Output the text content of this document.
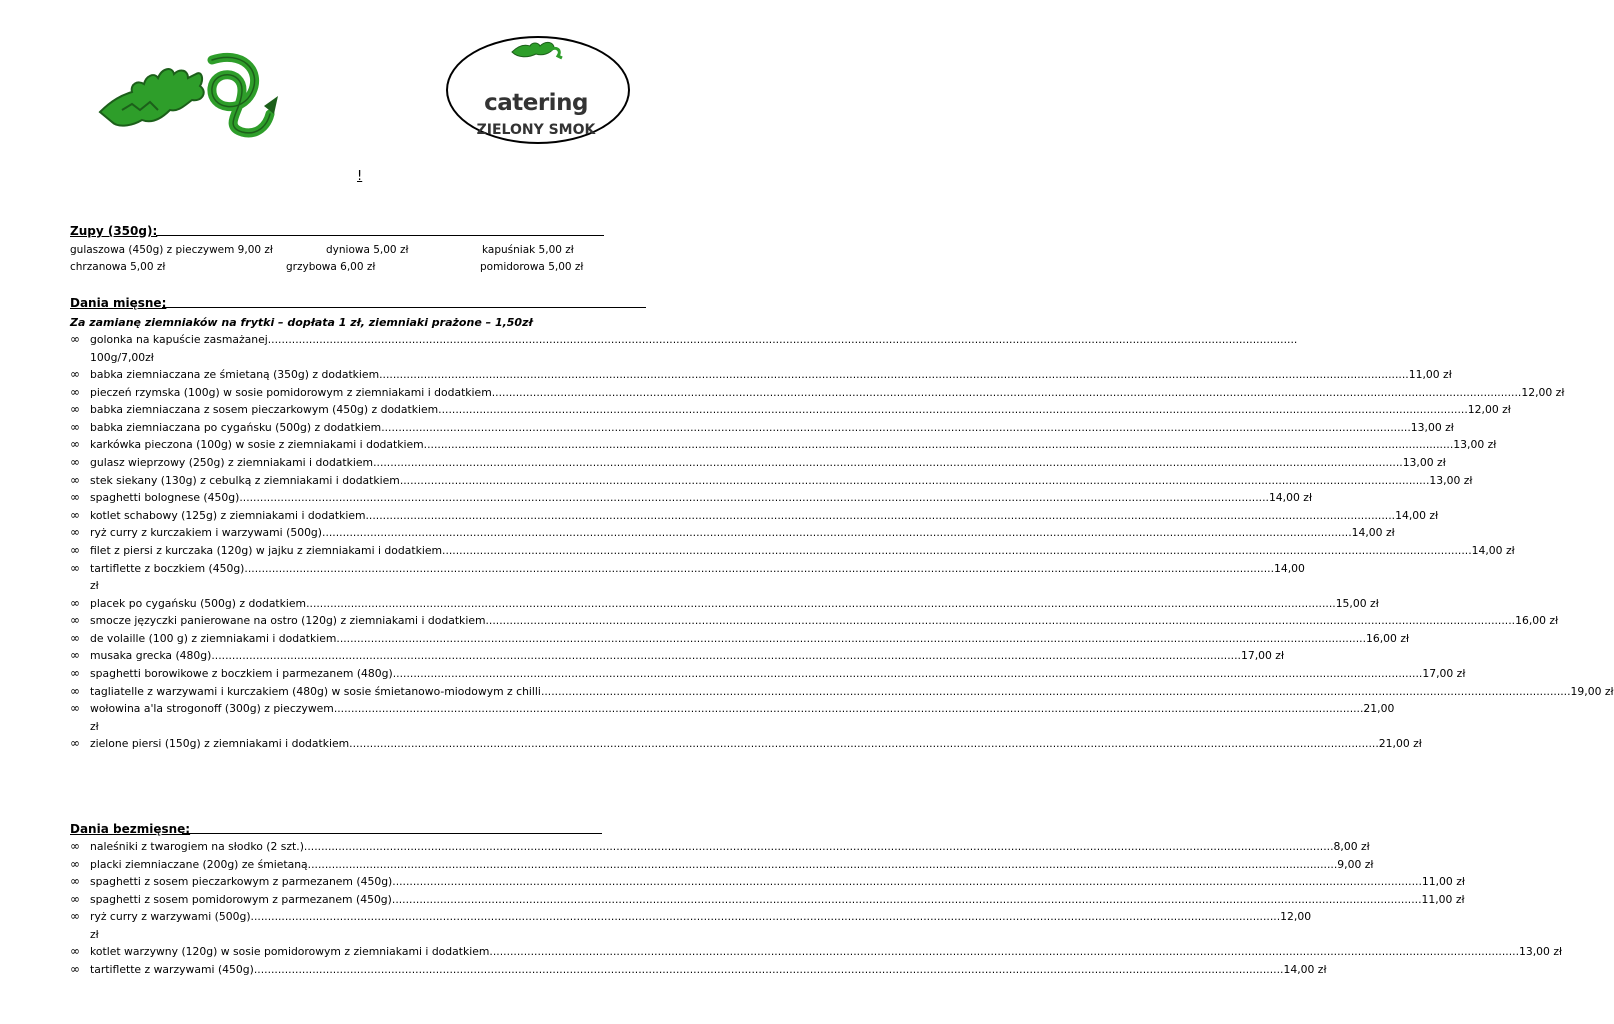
catering
ZIELONY SMOK
!
Zupy (350g):
gulaszowa (450g) z pieczywem 9,00 zł	dyniowa 5,00 zł	kapuśniak 5,00 zł
chrzanowa 5,00 zł	grzybowa 6,00 zł	pomidorowa 5,00 zł
Dania mięsne:
Za zamianę ziemniaków na frytki – dopłata 1 zł, ziemniaki prażone – 1,50zł
∞ golonka na kapuście zasmażanej ............................................................................................................................................................................................................................................................................................................
100g/7,00zł
∞ babka ziemniaczana ze śmietaną (350g) z dodatkiem ............................................................................................................................................................................................................................................................................................................ 11,00 zł
∞ pieczeń rzymska (100g) w sosie pomidorowym z ziemniakami i dodatkiem ............................................................................................................................................................................................................................................................................................................ 12,00 zł
∞ babka ziemniaczana z sosem pieczarkowym (450g) z dodatkiem ............................................................................................................................................................................................................................................................................................................ 12,00 zł
∞ babka ziemniaczana po cygańsku (500g) z dodatkiem ............................................................................................................................................................................................................................................................................................................ 13,00 zł
∞ karkówka pieczona (100g) w sosie z ziemniakami i dodatkiem ............................................................................................................................................................................................................................................................................................................ 13,00 zł
∞ gulasz wieprzowy (250g) z ziemniakami i dodatkiem ............................................................................................................................................................................................................................................................................................................ 13,00 zł
∞ stek siekany (130g) z cebulką z ziemniakami i dodatkiem ............................................................................................................................................................................................................................................................................................................ 13,00 zł
∞ spaghetti bolognese (450g) ............................................................................................................................................................................................................................................................................................................ 14,00 zł
∞ kotlet schabowy (125g) z ziemniakami i dodatkiem ............................................................................................................................................................................................................................................................................................................ 14,00 zł
∞ ryż curry z kurczakiem i warzywami (500g) ............................................................................................................................................................................................................................................................................................................ 14,00 zł
∞ filet z piersi z kurczaka (120g) w jajku z ziemniakami i dodatkiem ............................................................................................................................................................................................................................................................................................................ 14,00 zł
∞ tartiflette z boczkiem (450g) ............................................................................................................................................................................................................................................................................................................ 14,00
zł
∞ placek po cygańsku (500g) z dodatkiem ............................................................................................................................................................................................................................................................................................................ 15,00 zł
∞ smocze języczki panierowane na ostro (120g) z ziemniakami i dodatkiem ............................................................................................................................................................................................................................................................................................................ 16,00 zł
∞ de volaille (100 g) z ziemniakami i dodatkiem ............................................................................................................................................................................................................................................................................................................ 16,00 zł
∞ musaka grecka (480g) ............................................................................................................................................................................................................................................................................................................ 17,00 zł
∞ spaghetti borowikowe z boczkiem i parmezanem (480g) ............................................................................................................................................................................................................................................................................................................ 17,00 zł
∞ tagliatelle z warzywami i kurczakiem (480g) w sosie śmietanowo-miodowym z chilli ............................................................................................................................................................................................................................................................................................................ 19,00 zł
∞ wołowina a'la strogonoff (300g) z pieczywem ............................................................................................................................................................................................................................................................................................................ 21,00
zł
∞ zielone piersi (150g) z ziemniakami i dodatkiem ............................................................................................................................................................................................................................................................................................................ 21,00 zł
Dania bezmięsne:
∞ naleśniki z twarogiem na słodko (2 szt.) ............................................................................................................................................................................................................................................................................................................ 8,00 zł
∞ placki ziemniaczane (200g) ze śmietaną ............................................................................................................................................................................................................................................................................................................ 9,00 zł
∞ spaghetti z sosem pieczarkowym z parmezanem (450g) ............................................................................................................................................................................................................................................................................................................ 11,00 zł
∞ spaghetti z sosem pomidorowym z parmezanem (450g) ............................................................................................................................................................................................................................................................................................................ 11,00 zł
∞ ryż curry z warzywami (500g) ............................................................................................................................................................................................................................................................................................................ 12,00
zł
∞ kotlet warzywny (120g) w sosie pomidorowym z ziemniakami i dodatkiem ............................................................................................................................................................................................................................................................................................................ 13,00 zł
∞ tartiflette z warzywami (450g) ............................................................................................................................................................................................................................................................................................................ 14,00 zł
